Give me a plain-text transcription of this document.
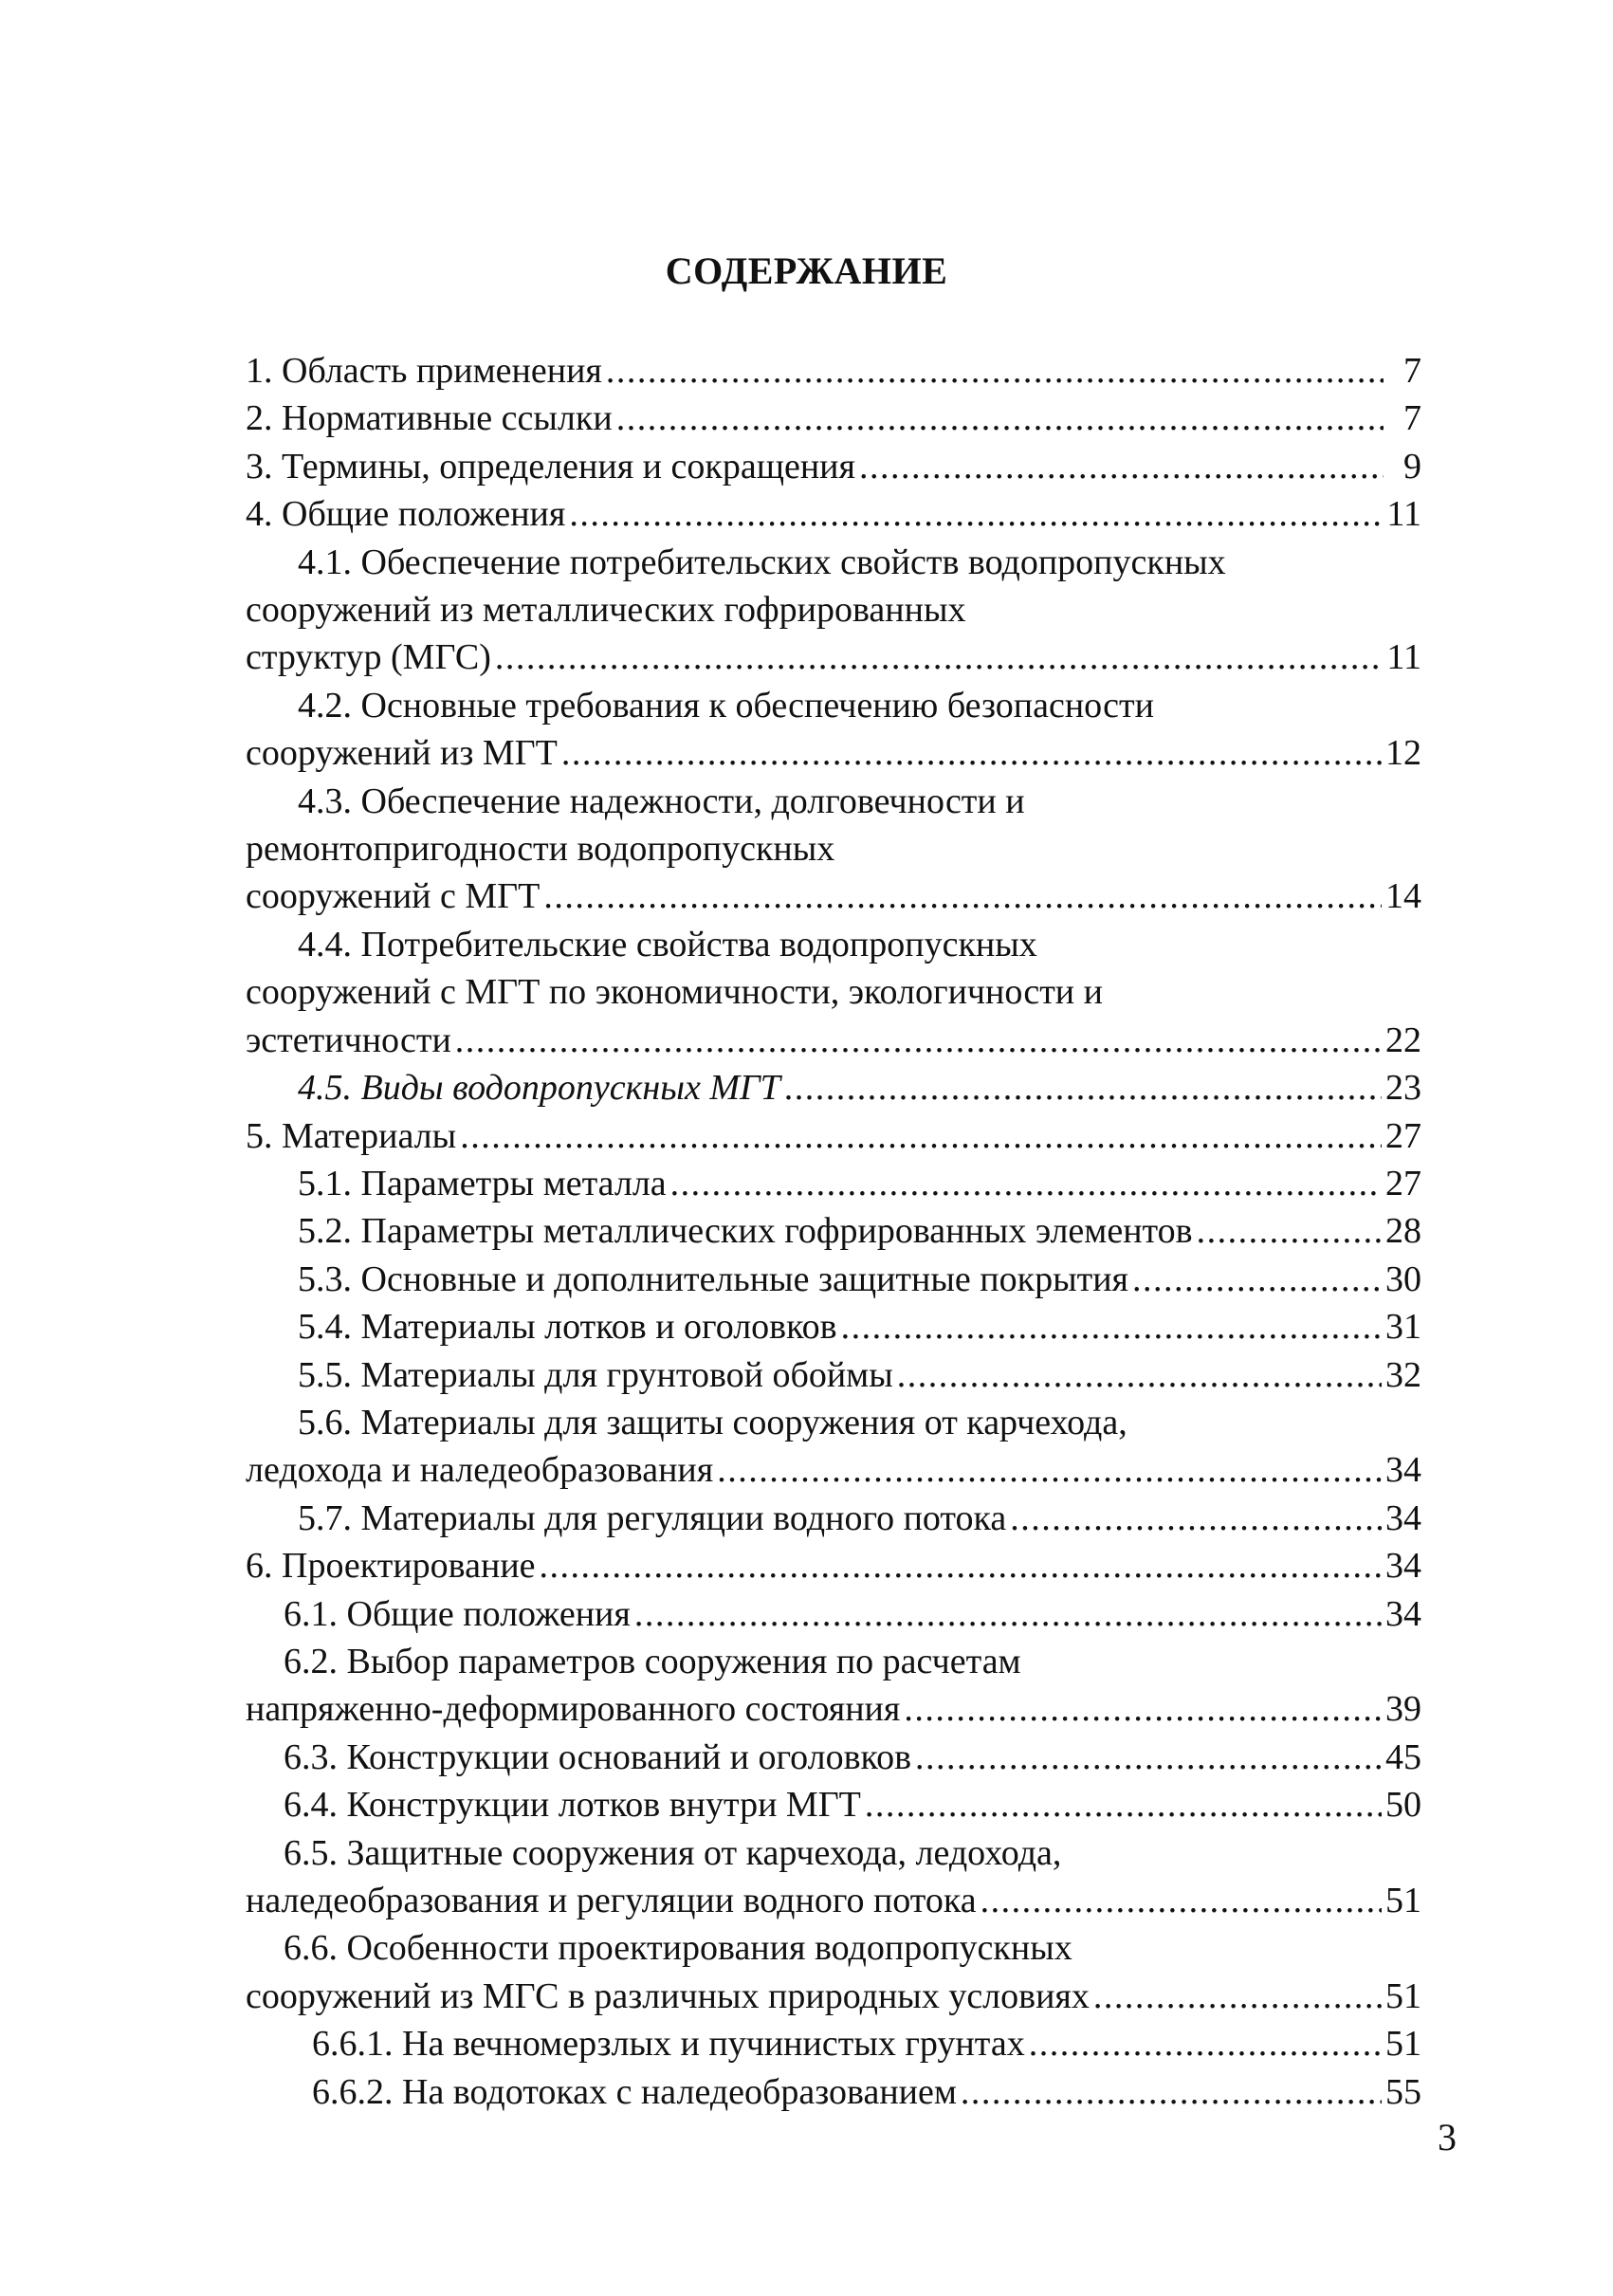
СОДЕРЖАНИЕ
1. Область применения . . .	7
2. Нормативные ссылки . . .	7
3. Термины, определения и сокращения . . .	9
4. Общие положения . . .	11
4.1. Обеспечение потребительских свойств водопропускных
сооружений из металлических гофрированных
структур (МГС) . . .	11
4.2. Основные требования к обеспечению безопасности
сооружений из МГТ . . .	12
4.3. Обеспечение надежности, долговечности и
ремонтопригодности водопропускных
сооружений с МГТ . . .	14
4.4. Потребительские свойства водопропускных
сооружений с МГТ по экономичности, экологичности и
эстетичности . . .	22
4.5. Виды водопропускных МГТ . . .	23
5. Материалы . . .	27
5.1. Параметры металла . . .	27
5.2. Параметры металлических гофрированных элементов . . .	28
5.3. Основные и дополнительные защитные покрытия . . .	30
5.4. Материалы лотков и оголовков . . .	31
5.5. Материалы для грунтовой обоймы . . .	32
5.6. Материалы для защиты сооружения от карчехода,
ледохода и наледеобразования . . .	34
5.7. Материалы для регуляции водного потока . . .	34
6. Проектирование . . .	34
6.1. Общие положения . . .	34
6.2. Выбор параметров сооружения по расчетам
напряженно-деформированного состояния . . .	39
6.3. Конструкции оснований и оголовков . . .	45
6.4. Конструкции лотков внутри МГТ . . .	50
6.5. Защитные сооружения от карчехода, ледохода,
наледеобразования и регуляции водного потока . . .	51
6.6. Особенности проектирования водопропускных
сооружений из МГС в различных природных условиях . . .	51
6.6.1. На вечномерзлых и пучинистых грунтах . . .	51
6.6.2. На водотоках с наледеобразованием . . .	55
3
